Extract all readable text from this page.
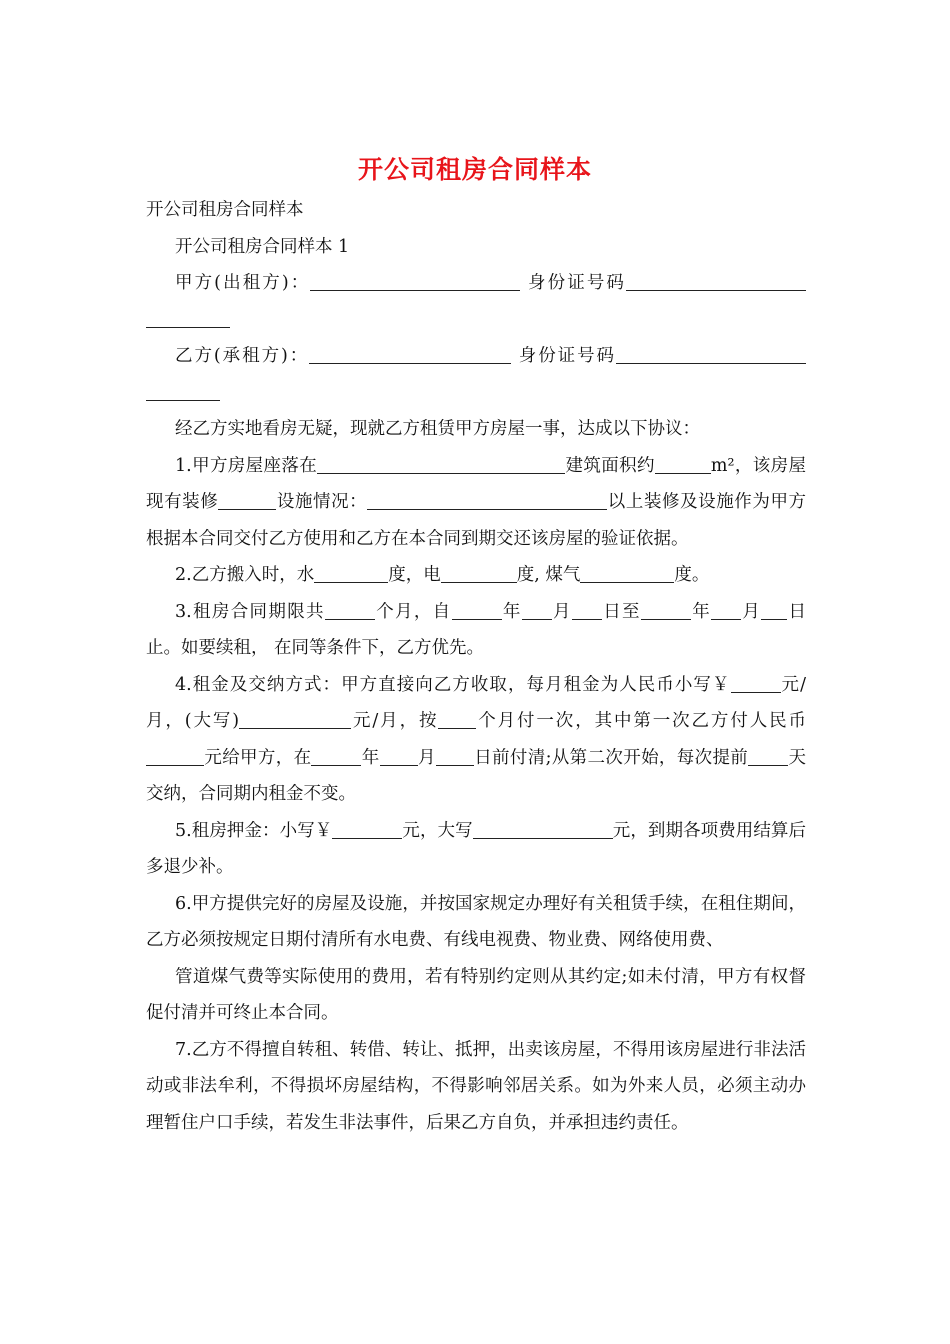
开公司租房合同样本

开公司租房合同样本

开公司租房合同样本 1

甲方(出租方)：	身份证号码

乙方(承租方)：	身份证号码

经乙方实地看房无疑，现就乙方租赁甲方房屋一事，达成以下协议：

1.甲方房屋座落在	建筑面积约	m²，该房屋现有装修	设施情况：	以上装修及设施作为甲方根据本合同交付乙方使用和乙方在本合同到期交还该房屋的验证依据。

2.乙方搬入时，水	度，电	度, 煤气	度。

3.租房合同期限共	个月，自	年 月 日至	年 月 日止。如要续租， 在同等条件下，乙方优先。

4.租金及交纳方式：甲方直接向乙方收取，每月租金为人民币小写￥	元/月，(大写)	元/月，按 个月付一次，其中第一次乙方付人民币元给甲方，在	年 月 日前付清;从第二次开始，每次提前 天交纳，合同期内租金不变。

5.租房押金：小写￥	元，大写	元，到期各项费用结算后多退少补。

6.甲方提供完好的房屋及设施，并按国家规定办理好有关租赁手续，在租住期间，乙方必须按规定日期付清所有水电费、有线电视费、物业费、网络使用费、

管道煤气费等实际使用的费用，若有特别约定则从其约定;如未付清，甲方有权督促付清并可终止本合同。

7.乙方不得擅自转租、转借、转让、抵押，出卖该房屋，不得用该房屋进行非法活动或非法牟利，不得损坏房屋结构，不得影响邻居关系。如为外来人员，必须主动办理暂住户口手续，若发生非法事件，后果乙方自负，并承担违约责任。
